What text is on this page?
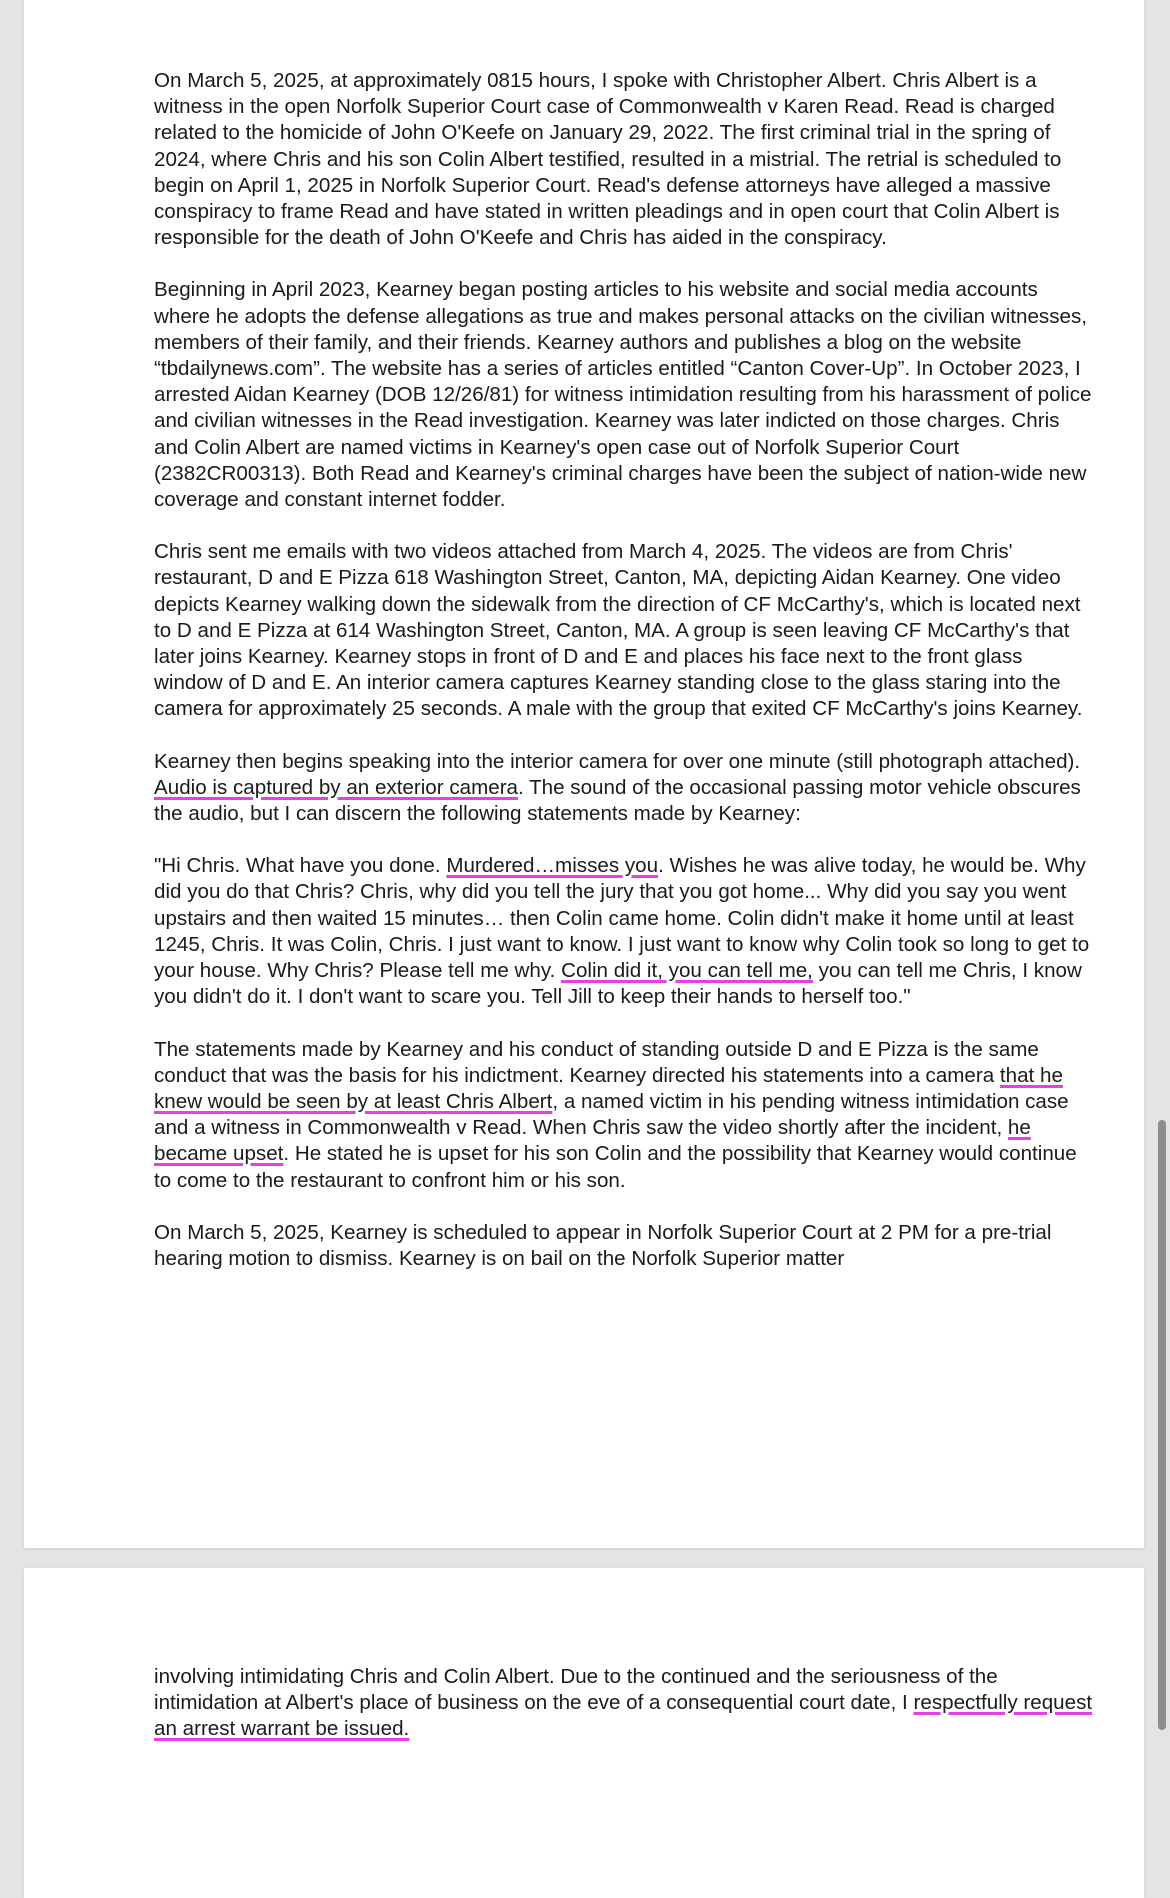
On March 5, 2025, at approximately 0815 hours, I spoke with Christopher Albert. Chris Albert is a witness in the open Norfolk Superior Court case of Commonwealth v Karen Read. Read is charged related to the homicide of John O'Keefe on January 29, 2022. The first criminal trial in the spring of 2024, where Chris and his son Colin Albert testified, resulted in a mistrial. The retrial is scheduled to begin on April 1, 2025 in Norfolk Superior Court. Read's defense attorneys have alleged a massive conspiracy to frame Read and have stated in written pleadings and in open court that Colin Albert is responsible for the death of John O'Keefe and Chris has aided in the conspiracy.

Beginning in April 2023, Kearney began posting articles to his website and social media accounts where he adopts the defense allegations as true and makes personal attacks on the civilian witnesses, members of their family, and their friends. Kearney authors and publishes a blog on the website “tbdailynews.com”. The website has a series of articles entitled “Canton Cover-Up”. In October 2023, I arrested Aidan Kearney (DOB 12/26/81) for witness intimidation resulting from his harassment of police and civilian witnesses in the Read investigation. Kearney was later indicted on those charges. Chris and Colin Albert are named victims in Kearney's open case out of Norfolk Superior Court (2382CR00313). Both Read and Kearney's criminal charges have been the subject of nation-wide new coverage and constant internet fodder.

Chris sent me emails with two videos attached from March 4, 2025. The videos are from Chris' restaurant, D and E Pizza 618 Washington Street, Canton, MA, depicting Aidan Kearney. One video depicts Kearney walking down the sidewalk from the direction of CF McCarthy's, which is located next to D and E Pizza at 614 Washington Street, Canton, MA. A group is seen leaving CF McCarthy's that later joins Kearney. Kearney stops in front of D and E and places his face next to the front glass window of D and E. An interior camera captures Kearney standing close to the glass staring into the camera for approximately 25 seconds. A male with the group that exited CF McCarthy's joins Kearney.

Kearney then begins speaking into the interior camera for over one minute (still photograph attached). Audio is captured by an exterior camera. The sound of the occasional passing motor vehicle obscures the audio, but I can discern the following statements made by Kearney:

"Hi Chris. What have you done. Murdered…misses you. Wishes he was alive today, he would be. Why did you do that Chris? Chris, why did you tell the jury that you got home... Why did you say you went upstairs and then waited 15 minutes… then Colin came home. Colin didn't make it home until at least 1245, Chris. It was Colin, Chris. I just want to know. I just want to know why Colin took so long to get to your house. Why Chris? Please tell me why. Colin did it, you can tell me, you can tell me Chris, I know you didn't do it. I don't want to scare you. Tell Jill to keep their hands to herself too."

The statements made by Kearney and his conduct of standing outside D and E Pizza is the same conduct that was the basis for his indictment. Kearney directed his statements into a camera that he knew would be seen by at least Chris Albert, a named victim in his pending witness intimidation case and a witness in Commonwealth v Read. When Chris saw the video shortly after the incident, he became upset. He stated he is upset for his son Colin and the possibility that Kearney would continue to come to the restaurant to confront him or his son.

On March 5, 2025, Kearney is scheduled to appear in Norfolk Superior Court at 2 PM for a pre-trial hearing motion to dismiss. Kearney is on bail on the Norfolk Superior matter

involving intimidating Chris and Colin Albert. Due to the continued and the seriousness of the intimidation at Albert's place of business on the eve of a consequential court date, I respectfully request an arrest warrant be issued.
